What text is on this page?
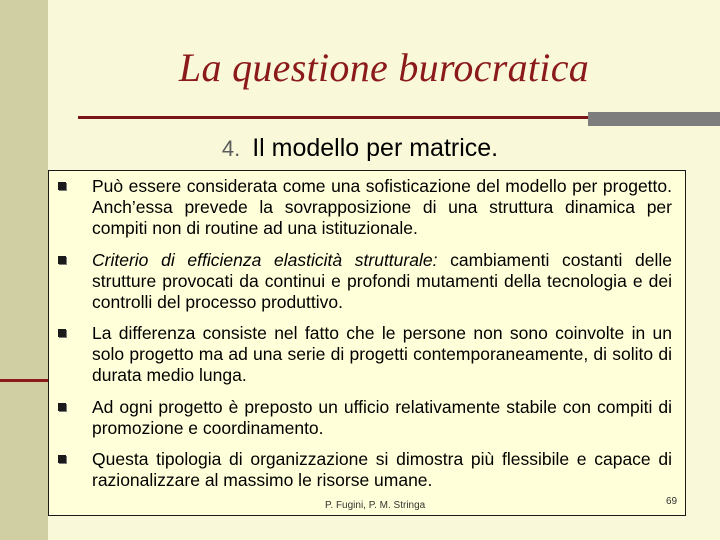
La questione burocratica
4. Il modello per matrice.
Può essere considerata come una sofisticazione del modello per progetto. Anch’essa prevede la sovrapposizione di una struttura dinamica per compiti non di routine ad una istituzionale.
Criterio di efficienza elasticità strutturale: cambiamenti costanti delle strutture provocati da continui e profondi mutamenti della tecnologia e dei controlli del processo produttivo.
La differenza consiste nel fatto che le persone non sono coinvolte in un solo progetto ma ad una serie di progetti contemporaneamente, di solito di durata medio lunga.
Ad ogni progetto è preposto un ufficio relativamente stabile con compiti di promozione e coordinamento.
Questa tipologia di organizzazione si dimostra più flessibile e capace di razionalizzare al massimo le risorse umane.
P. Fugini, P. M. Stringa	69
